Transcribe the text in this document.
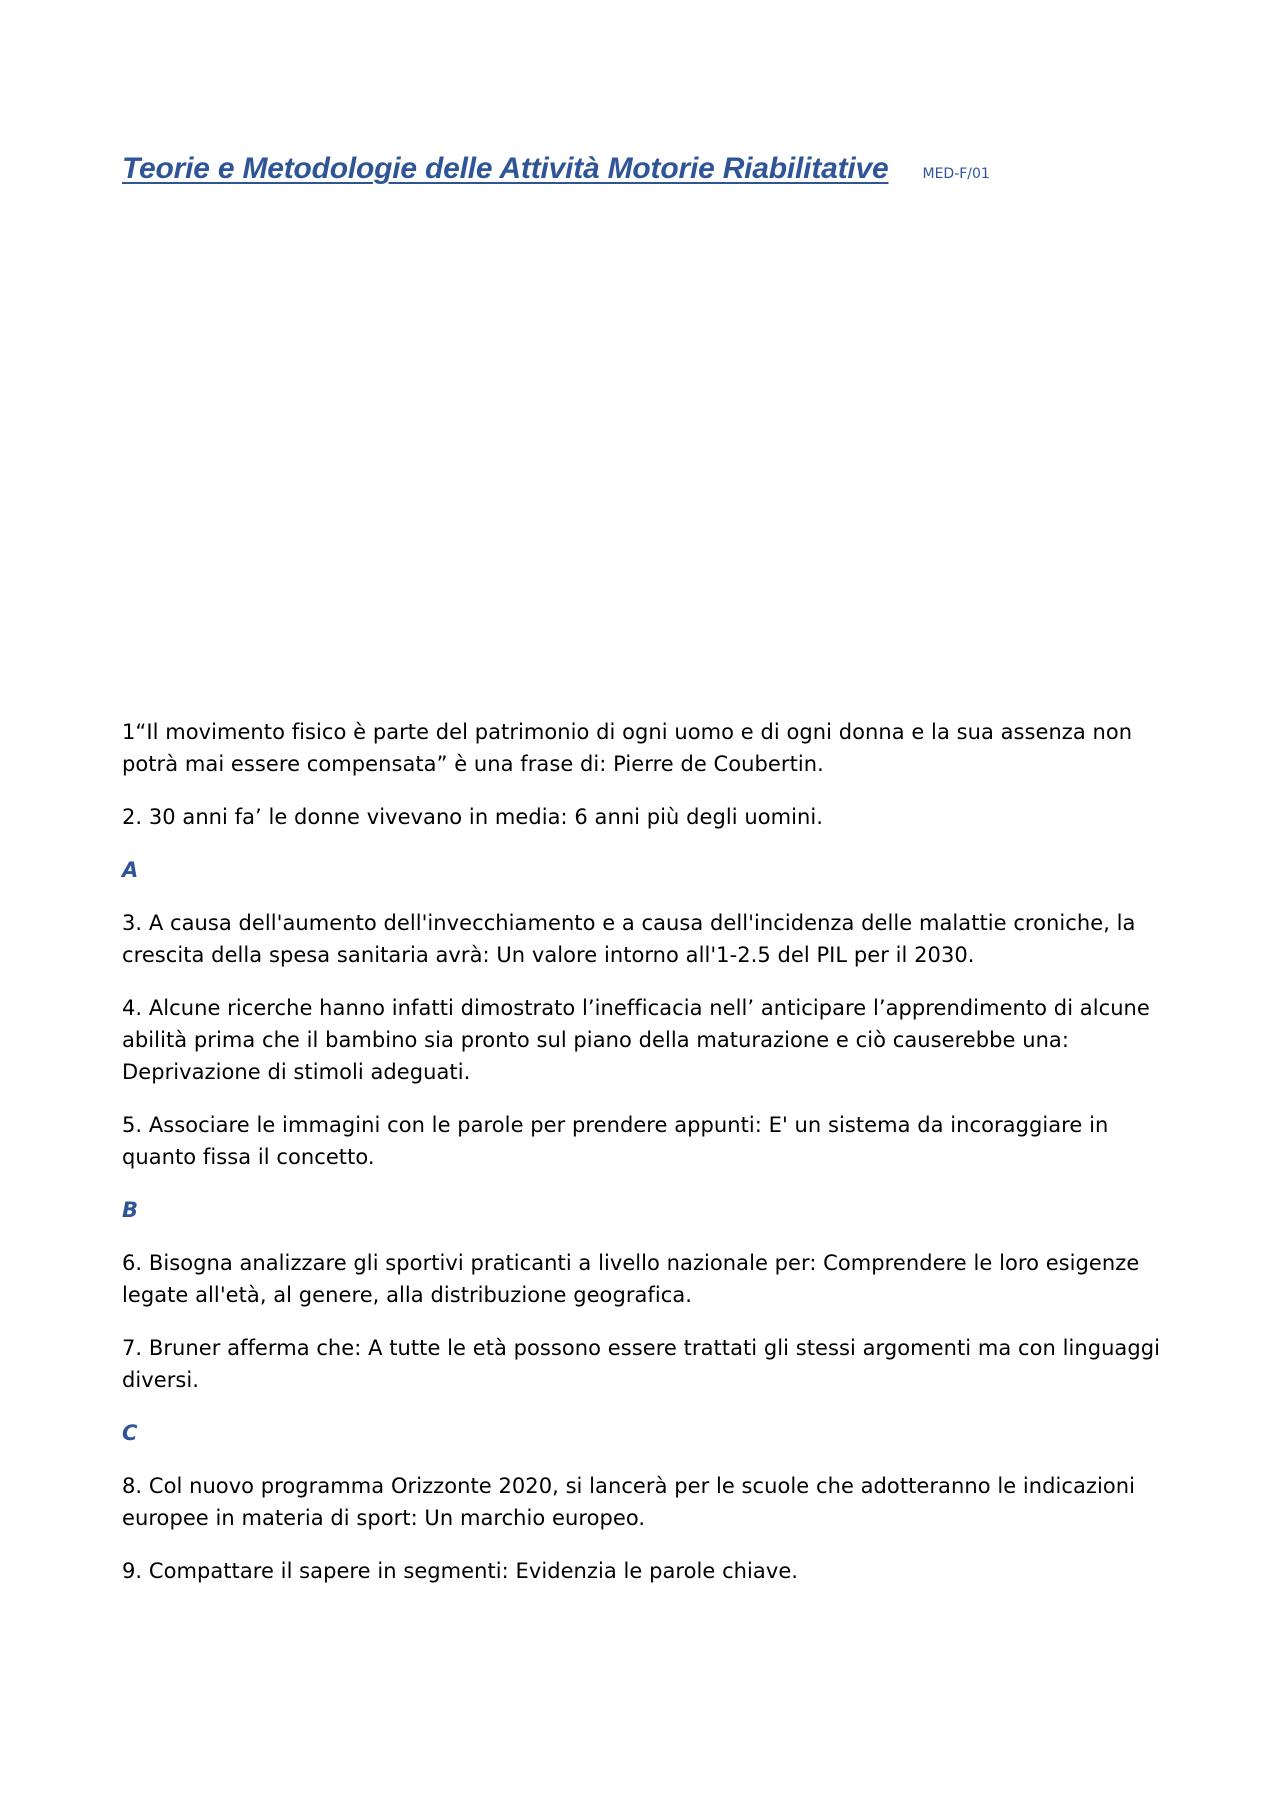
Teorie e Metodologie delle Attività Motorie Riabilitative MED-F/01

1“Il movimento fisico è parte del patrimonio di ogni uomo e di ogni donna e la sua assenza non potrà mai essere compensata” è una frase di: Pierre de Coubertin.

2. 30 anni fa’ le donne vivevano in media: 6 anni più degli uomini.

A

3. A causa dell'aumento dell'invecchiamento e a causa dell'incidenza delle malattie croniche, la crescita della spesa sanitaria avrà: Un valore intorno all'1-2.5 del PIL per il 2030.

4. Alcune ricerche hanno infatti dimostrato l’inefficacia nell’ anticipare l’apprendimento di alcune abilità prima che il bambino sia pronto sul piano della maturazione e ciò causerebbe una: Deprivazione di stimoli adeguati.

5. Associare le immagini con le parole per prendere appunti: E' un sistema da incoraggiare in quanto fissa il concetto.

B

6. Bisogna analizzare gli sportivi praticanti a livello nazionale per: Comprendere le loro esigenze legate all'età, al genere, alla distribuzione geografica.

7. Bruner afferma che: A tutte le età possono essere trattati gli stessi argomenti ma con linguaggi diversi.

C

8. Col nuovo programma Orizzonte 2020, si lancerà per le scuole che adotteranno le indicazioni europee in materia di sport: Un marchio europeo.

9. Compattare il sapere in segmenti: Evidenzia le parole chiave.
